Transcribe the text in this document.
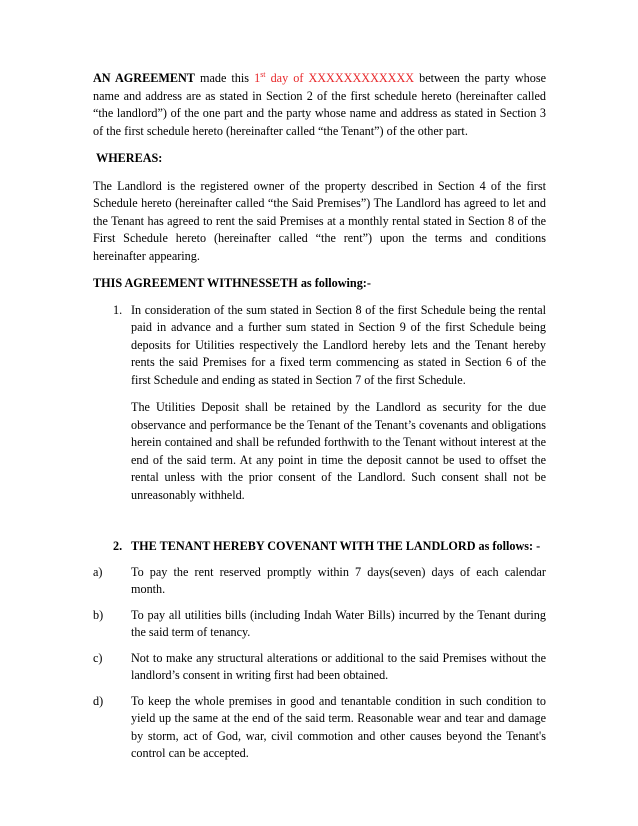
AN AGREEMENT made this 1st day of XXXXXXXXXXXX between the party whose name and address are as stated in Section 2 of the first schedule hereto (hereinafter called “the landlord”) of the one part and the party whose name and address as stated in Section 3 of the first schedule hereto (hereinafter called “the Tenant”) of the other part.

WHEREAS:

The Landlord is the registered owner of the property described in Section 4 of the first Schedule hereto (hereinafter called “the Said Premises”) The Landlord has agreed to let and the Tenant has agreed to rent the said Premises at a monthly rental stated in Section 8 of the First Schedule hereto (hereinafter called “the rent”) upon the terms and conditions hereinafter appearing.

THIS AGREEMENT WITHNESSETH as following:-

1. In consideration of the sum stated in Section 8 of the first Schedule being the rental paid in advance and a further sum stated in Section 9 of the first Schedule being deposits for Utilities respectively the Landlord hereby lets and the Tenant hereby rents the said Premises for a fixed term commencing as stated in Section 6 of the first Schedule and ending as stated in Section 7 of the first Schedule.

The Utilities Deposit shall be retained by the Landlord as security for the due observance and performance be the Tenant of the Tenant’s covenants and obligations herein contained and shall be refunded forthwith to the Tenant without interest at the end of the said term. At any point in time the deposit cannot be used to offset the rental unless with the prior consent of the Landlord. Such consent shall not be unreasonably withheld.

2. THE TENANT HEREBY COVENANT WITH THE LANDLORD as follows: -

a) To pay the rent reserved promptly within 7 days(seven) days of each calendar month.

b) To pay all utilities bills (including Indah Water Bills) incurred by the Tenant during the said term of tenancy.

c) Not to make any structural alterations or additional to the said Premises without the landlord’s consent in writing first had been obtained.

d) To keep the whole premises in good and tenantable condition in such condition to yield up the same at the end of the said term. Reasonable wear and tear and damage by storm, act of God, war, civil commotion and other causes beyond the Tenant's control can be accepted.
